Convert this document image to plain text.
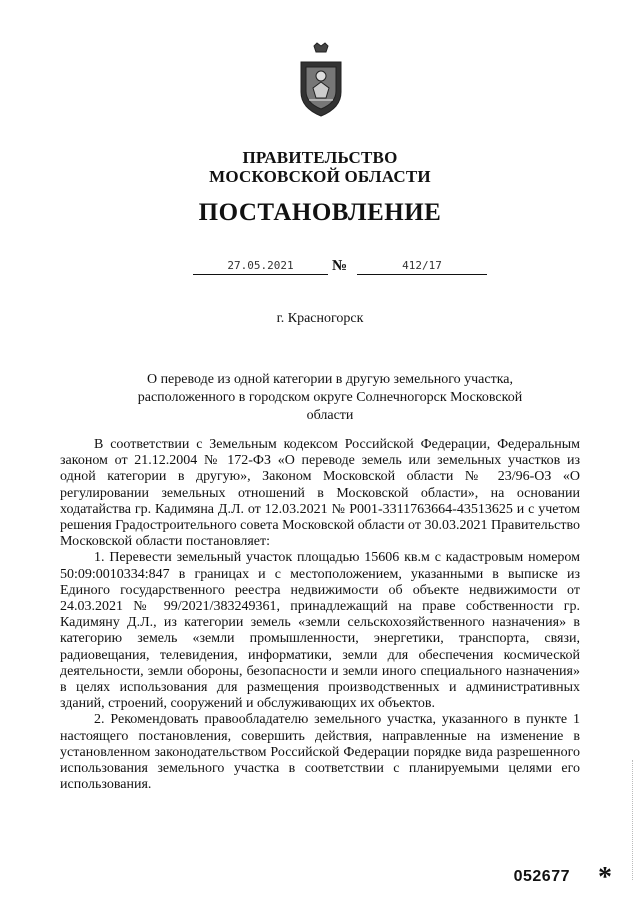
ПРАВИТЕЛЬСТВО
МОСКОВСКОЙ ОБЛАСТИ
ПОСТАНОВЛЕНИЕ
27.05.2021	№	412/17
г. Красногорск
О переводе из одной категории в другую земельного участка,
расположенного в городском округе Солнечногорск Московской области

В соответствии с Земельным кодексом Российской Федерации, Федеральным законом от 21.12.2004 № 172-ФЗ «О переводе земель или земельных участков из одной категории в другую», Законом Московской области № 23/96-ОЗ «О регулировании земельных отношений в Московской области», на основании ходатайства гр. Кадимяна Д.Л. от 12.03.2021 № Р001-3311763664-43513625 и с учетом решения Градостроительного совета Московской области от 30.03.2021 Правительство Московской области постановляет:

1. Перевести земельный участок площадью 15606 кв.м с кадастровым номером 50:09:0010334:847 в границах и с местоположением, указанными в выписке из Единого государственного реестра недвижимости об объекте недвижимости от 24.03.2021 № 99/2021/383249361, принадлежащий на праве собственности гр. Кадимяну Д.Л., из категории земель «земли сельскохозяйственного назначения» в категорию земель «земли промышленности, энергетики, транспорта, связи, радиовещания, телевидения, информатики, земли для обеспечения космической деятельности, земли обороны, безопасности и земли иного специального назначения» в целях использования для размещения производственных и административных зданий, строений, сооружений и обслуживающих их объектов.

2. Рекомендовать правообладателю земельного участка, указанного в пункте 1 настоящего постановления, совершить действия, направленные на изменение в установленном законодательством Российской Федерации порядке вида разрешенного использования земельного участка в соответствии с планируемыми целями его использования.

052677 *
